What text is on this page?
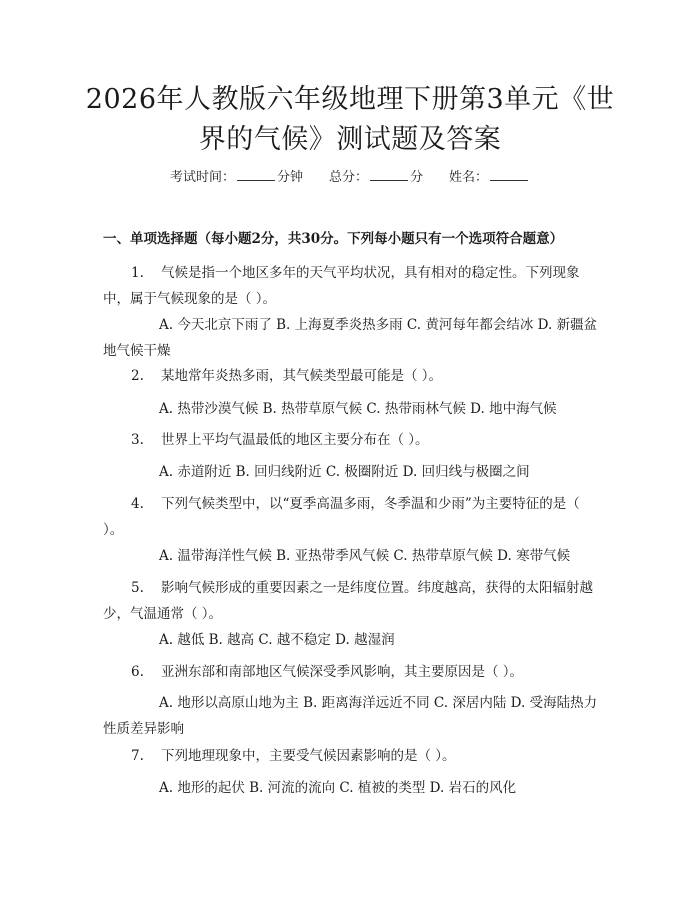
2026年人教版六年级地理下册第3单元《世界的气候》测试题及答案
考试时间：	分钟 总分：	分 姓名：
一、单项选择题（每小题2分，共30分。下列每小题只有一个选项符合题意）
1. 气候是指一个地区多年的天气平均状况，具有相对的稳定性。下列现象中，属于气候现象的是（ ）。
A. 今天北京下雨了 B. 上海夏季炎热多雨 C. 黄河每年都会结冰 D. 新疆盆地气候干燥
2. 某地常年炎热多雨，其气候类型最可能是（ ）。
A. 热带沙漠气候 B. 热带草原气候 C. 热带雨林气候 D. 地中海气候
3. 世界上平均气温最低的地区主要分布在（ ）。
A. 赤道附近 B. 回归线附近 C. 极圈附近 D. 回归线与极圈之间
4. 下列气候类型中，以“夏季高温多雨，冬季温和少雨”为主要特征的是（ ）。
A. 温带海洋性气候 B. 亚热带季风气候 C. 热带草原气候 D. 寒带气候
5. 影响气候形成的重要因素之一是纬度位置。纬度越高，获得的太阳辐射越少，气温通常（ ）。
A. 越低 B. 越高 C. 越不稳定 D. 越湿润
6. 亚洲东部和南部地区气候深受季风影响，其主要原因是（ ）。
A. 地形以高原山地为主 B. 距离海洋远近不同 C. 深居内陆 D. 受海陆热力性质差异影响
7. 下列地理现象中，主要受气候因素影响的是（ ）。
A. 地形的起伏 B. 河流的流向 C. 植被的类型 D. 岩石的风化
